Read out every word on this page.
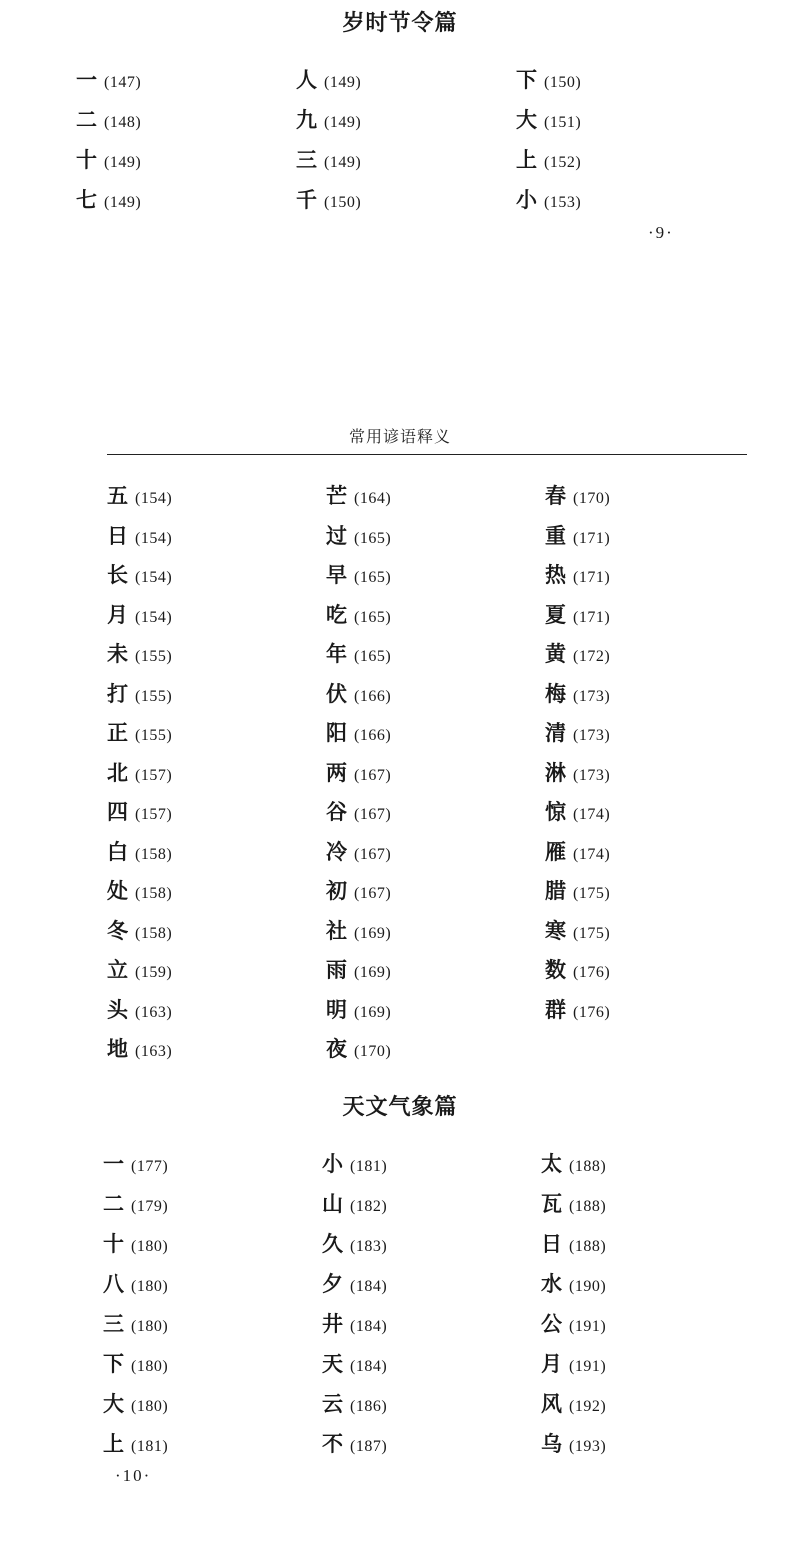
岁时节令篇
一 (147)
二 (148)
十 (149)
七 (149)
人 (149)
九 (149)
三 (149)
千 (150)
下 (150)
大 (151)
上 (152)
小 (153)
·9·
常用谚语释义
五 (154)
日 (154)
长 (154)
月 (154)
未 (155)
打 (155)
正 (155)
北 (157)
四 (157)
白 (158)
处 (158)
冬 (158)
立 (159)
头 (163)
地 (163)
芒 (164)
过 (165)
早 (165)
吃 (165)
年 (165)
伏 (166)
阳 (166)
两 (167)
谷 (167)
冷 (167)
初 (167)
社 (169)
雨 (169)
明 (169)
夜 (170)
春 (170)
重 (171)
热 (171)
夏 (171)
黄 (172)
梅 (173)
清 (173)
淋 (173)
惊 (174)
雁 (174)
腊 (175)
寒 (175)
数 (176)
群 (176)
天文气象篇
一 (177)
二 (179)
十 (180)
八 (180)
三 (180)
下 (180)
大 (180)
上 (181)
小 (181)
山 (182)
久 (183)
夕 (184)
井 (184)
天 (184)
云 (186)
不 (187)
太 (188)
瓦 (188)
日 (188)
水 (190)
公 (191)
月 (191)
风 (192)
乌 (193)
·10·
